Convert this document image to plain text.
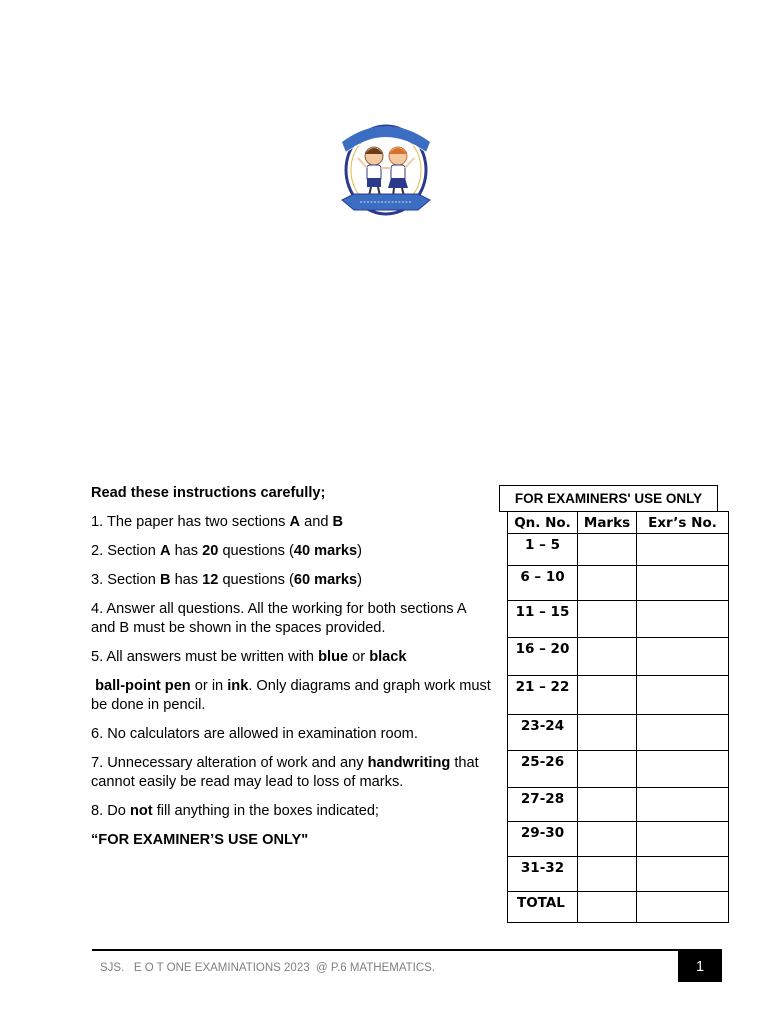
Read these instructions carefully;

1. The paper has two sections A and B

2. Section A has 20 questions (40 marks)

3. Section B has 12 questions (60 marks)

4. Answer all questions. All the working for both sections A and B must be shown in the spaces provided.

5. All answers must be written with blue or black

ball-point pen or in ink. Only diagrams and graph work must be done in pencil.

6. No calculators are allowed in examination room.

7. Unnecessary alteration of work and any handwriting that cannot easily be read may lead to loss of marks.

8. Do not fill anything in the boxes indicated;

“FOR EXAMINER’S USE ONLY"

FOR EXAMINERS' USE ONLY
Qn. No.	Marks	Exr’s No.
1 – 5		
6 – 10		
11 – 15		
16 – 20		
21 – 22		
23-24		
25-26		
27-28		
29-30		
31-32		
TOTAL		
SJS.   E O T ONE EXAMINATIONS 2023  @ P.6 MATHEMATICS.	1
